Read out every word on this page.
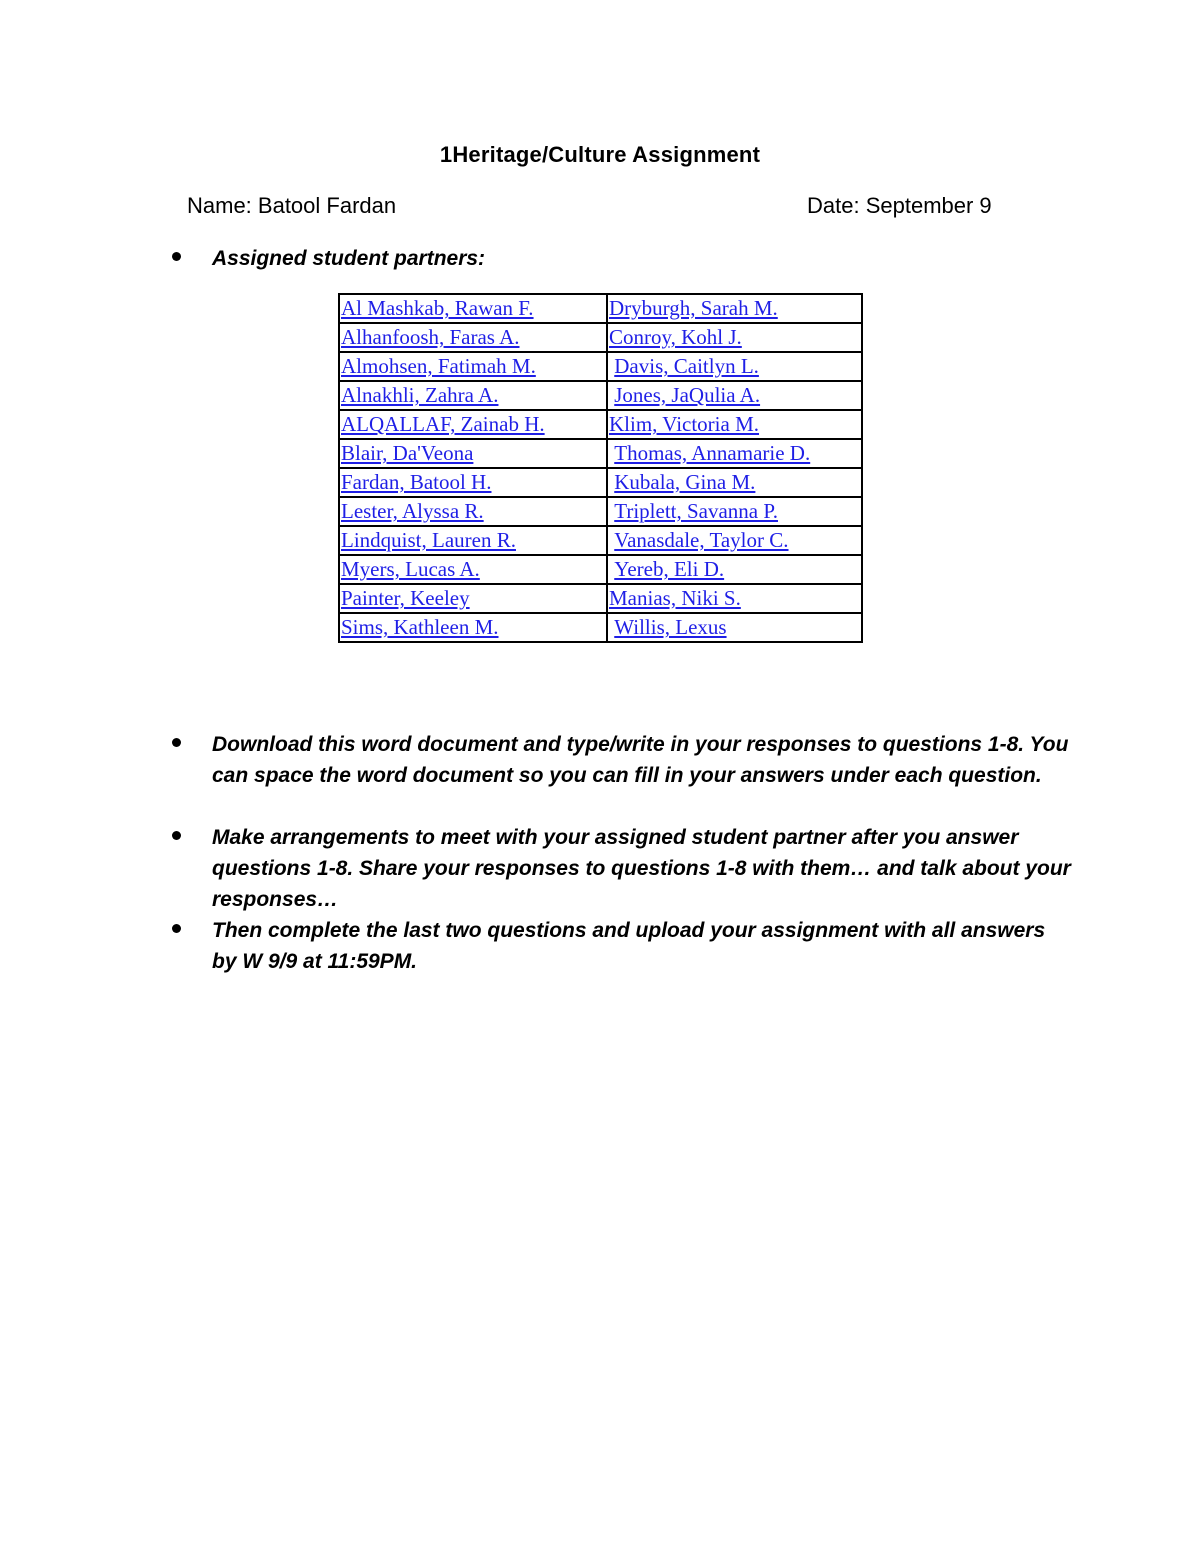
1Heritage/Culture Assignment
Name: Batool Fardan	Date: September 9
Assigned student partners:
Al Mashkab, Rawan F.	Dryburgh, Sarah M.
Alhanfoosh, Faras A.	Conroy, Kohl J.
Almohsen, Fatimah M.	Davis, Caitlyn L.
Alnakhli, Zahra A.	Jones, JaQulia A.
ALQALLAF, Zainab H.	Klim, Victoria M.
Blair, Da'Veona	Thomas, Annamarie D.
Fardan, Batool H.	Kubala, Gina M.
Lester, Alyssa R.	Triplett, Savanna P.
Lindquist, Lauren R.	Vanasdale, Taylor C.
Myers, Lucas A.	Yereb, Eli D.
Painter, Keeley	Manias, Niki S.
Sims, Kathleen M.	Willis, Lexus
Download this word document and type/write in your responses to questions 1-8. You can space the word document so you can fill in your answers under each question.
Make arrangements to meet with your assigned student partner after you answer questions 1-8. Share your responses to questions 1-8 with them… and talk about your responses…
Then complete the last two questions and upload your assignment with all answers by W 9/9 at 11:59PM.
